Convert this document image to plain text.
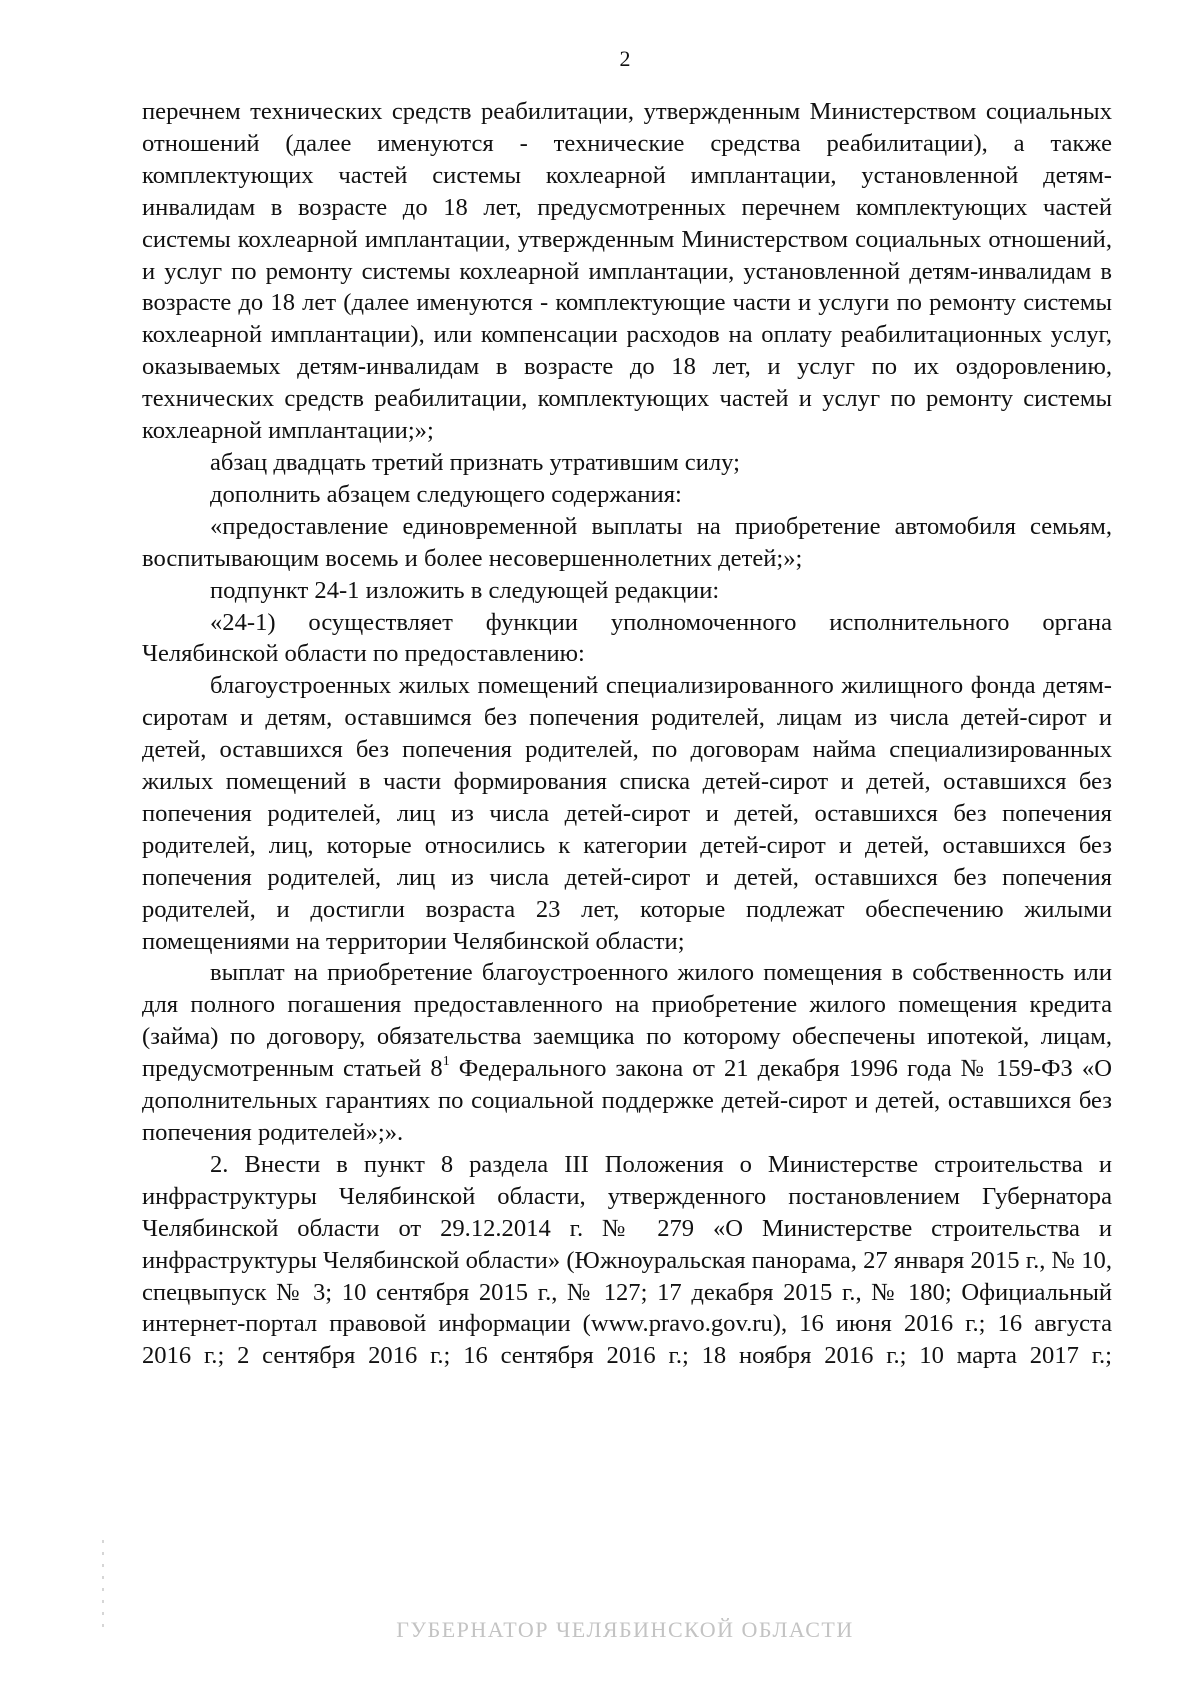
2

перечнем технических средств реабилитации, утвержденным Министерством социальных отношений (далее именуются - технические средства реабилитации), а также комплектующих частей системы кохлеарной имплантации, установленной детям-инвалидам в возрасте до 18 лет, предусмотренных перечнем комплектующих частей системы кохлеарной имплантации, утвержденным Министерством социальных отношений, и услуг по ремонту системы кохлеарной имплантации, установленной детям-инвалидам в возрасте до 18 лет (далее именуются - комплектующие части и услуги по ремонту системы кохлеарной имплантации), или компенсации расходов на оплату реабилитационных услуг, оказываемых детям-инвалидам в возрасте до 18 лет, и услуг по их оздоровлению, технических средств реабилитации, комплектующих частей и услуг по ремонту системы кохлеарной имплантации;»;

абзац двадцать третий признать утратившим силу;

дополнить абзацем следующего содержания:

«предоставление единовременной выплаты на приобретение автомобиля семьям, воспитывающим восемь и более несовершеннолетних детей;»;

подпункт 24-1 изложить в следующей редакции:

«24-1) осуществляет функции уполномоченного исполнительного органа Челябинской области по предоставлению:

благоустроенных жилых помещений специализированного жилищного фонда детям-сиротам и детям, оставшимся без попечения родителей, лицам из числа детей-сирот и детей, оставшихся без попечения родителей, по договорам найма специализированных жилых помещений в части формирования списка детей-сирот и детей, оставшихся без попечения родителей, лиц из числа детей-сирот и детей, оставшихся без попечения родителей, лиц, которые относились к категории детей-сирот и детей, оставшихся без попечения родителей, лиц из числа детей-сирот и детей, оставшихся без попечения родителей, и достигли возраста 23 лет, которые подлежат обеспечению жилыми помещениями на территории Челябинской области;

выплат на приобретение благоустроенного жилого помещения в собственность или для полного погашения предоставленного на приобретение жилого помещения кредита (займа) по договору, обязательства заемщика по которому обеспечены ипотекой, лицам, предусмотренным статьей $8^1$ Федерального закона от 21 декабря 1996 года № 159-ФЗ «О дополнительных гарантиях по социальной поддержке детей-сирот и детей, оставшихся без попечения родителей»;».

2. Внести в пункт 8 раздела III Положения о Министерстве строительства и инфраструктуры Челябинской области, утвержденного постановлением Губернатора Челябинской области от 29.12.2014 г. № 279 «О Министерстве строительства и инфраструктуры Челябинской области» (Южноуральская панорама, 27 января 2015 г., № 10, спецвыпуск № 3; 10 сентября 2015 г., № 127; 17 декабря 2015 г., № 180; Официальный интернет-портал правовой информации (www.pravo.gov.ru), 16 июня 2016 г.; 16 августа 2016 г.; 2 сентября 2016 г.; 16 сентября 2016 г.; 18 ноября 2016 г.; 10 марта 2017 г.;

ГУБЕРНАТОР ЧЕЛЯБИНСКОЙ ОБЛАСТИ
